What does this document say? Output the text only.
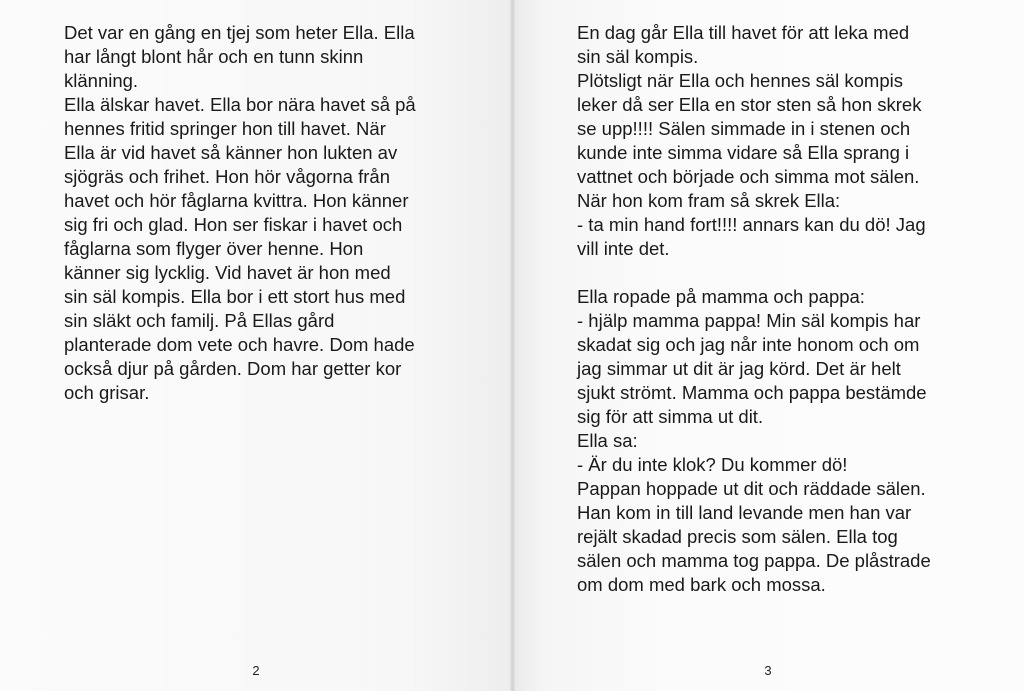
Det var en gång en tjej som heter Ella. Ella
har långt blont hår och en tunn skinn
klänning.
Ella älskar havet. Ella bor nära havet så på
hennes fritid springer hon till havet. När
Ella är vid havet så känner hon lukten av
sjögräs och frihet. Hon hör vågorna från
havet och hör fåglarna kvittra. Hon känner
sig fri och glad. Hon ser fiskar i havet och
fåglarna som flyger över henne. Hon
känner sig lycklig. Vid havet är hon med
sin säl kompis. Ella bor i ett stort hus med
sin släkt och familj. På Ellas gård
planterade dom vete och havre. Dom hade
också djur på gården. Dom har getter kor
och grisar.

2

En dag går Ella till havet för att leka med
sin säl kompis.
Plötsligt när Ella och hennes säl kompis
leker då ser Ella en stor sten så hon skrek
se upp!!!! Sälen simmade in i stenen och
kunde inte simma vidare så Ella sprang i
vattnet och började och simma mot sälen.
När hon kom fram så skrek Ella:
- ta min hand fort!!!! annars kan du dö! Jag
vill inte det.

Ella ropade på mamma och pappa:
- hjälp mamma pappa! Min säl kompis har
skadat sig och jag når inte honom och om
jag simmar ut dit är jag körd. Det är helt
sjukt strömt. Mamma och pappa bestämde
sig för att simma ut dit.
Ella sa:
- Är du inte klok? Du kommer dö!
Pappan hoppade ut dit och räddade sälen.
Han kom in till land levande men han var
rejält skadad precis som sälen. Ella tog
sälen och mamma tog pappa. De plåstrade
om dom med bark och mossa.

3
